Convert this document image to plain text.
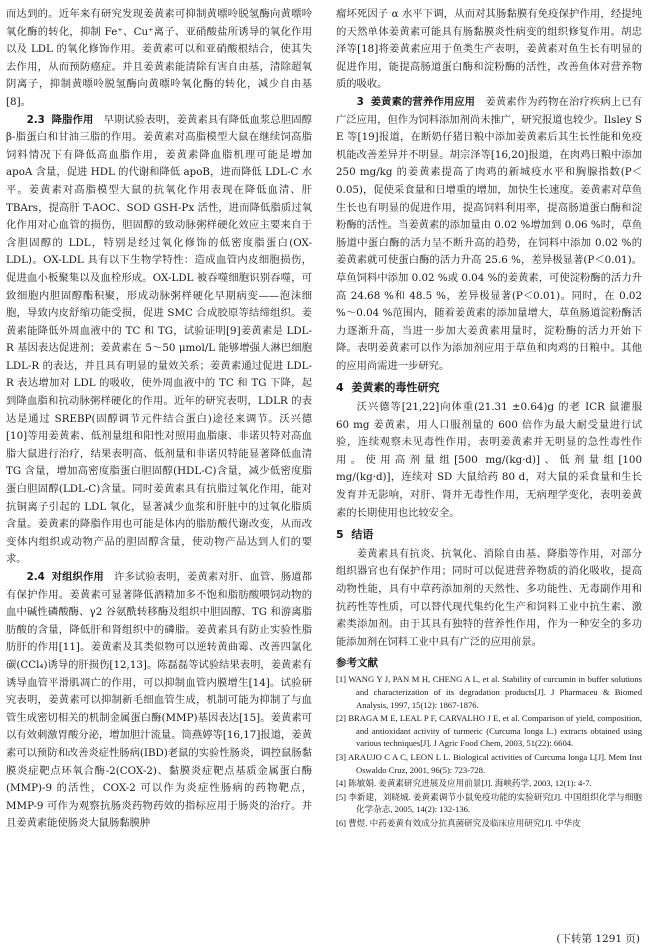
而达到的。近年来有研究发现姜黄素可抑制黄嘌呤脱氢酶向黄嘌呤氧化酶的转化，抑制 Fe⁺、Cu⁺离子、亚硝酸盐所诱导的氧化作用以及 LDL 的氧化修饰作用。姜黄素可以和亚硝酸根结合，使其失去作用，从而预防癌症。并且姜黄素能清除有害自由基，清除超氧阴离子，抑制黄嘌呤脱氢酶向黄嘌呤氧化酶的转化，减少自由基[8]。

2.3 降脂作用 早期试验表明，姜黄素具有降低血浆总胆固醇 β-脂蛋白和甘油三脂的作用。姜黄素对高脂模型大鼠在继续饲高脂饲料情况下有降低高血脂作用，姜黄素降血脂机理可能是增加 apoA 含量，促进 HDL 的代谢和降低 apoB，进而降低 LDL-C 水平。姜黄素对高脂模型大鼠的抗氧化作用表现在降低血清、肝 TBArs，提高肝 T-AOC、SOD GSH-Px 活性，进而降低脂质过氧化作用对心血管的损伤，胆固醇的致动脉粥样硬化效应主要来自于含胆固醇的 LDL，特别是经过氧化修饰的低密度脂蛋白(OX-LDL)。OX-LDL 具有以下生物学特性：造成血管内皮细胞损伤，促进血小板聚集以及血栓形成。OX-LDL 被吞噬细胞识别吞噬，可致细胞内胆固醇酯积聚，形成动脉粥样硬化早期病变——泡沫细胞，导致内皮舒缩功能受损，促进 SMC 合成胶原等结缔组织。姜黄素能降低外周血液中的 TC 和 TG，试验证明[9]姜黄素是 LDL-R 基因表达促进剂；姜黄素在 5～50 μmol/L 能够增强人淋巴细胞 LDL-R 的表达，并且具有明显的量效关系；姜黄素通过促进 LDL-R 表达增加对 LDL 的吸收，使外周血液中的 TC 和 TG 下降，起到降血脂和抗动脉粥样硬化的作用。近年的研究表明，LDLR 的表达是通过 SREBP(固醇调节元件结合蛋白)途径来调节。沃兴德[10]等用姜黄素、低剂量组和阳性对照用血脂康、非诺贝特对高血脂大鼠进行治疗，结果表明高、低剂量和非诺贝特能显著降低血清 TG 含量，增加高密度脂蛋白胆固醇(HDL-C)含量，减少低密度脂蛋白胆固醇(LDL-C)含量。同时姜黄素具有抗脂过氧化作用，能对抗铜离子引起的 LDL 氧化，显著减少血浆和肝脏中的过氧化脂质含量。姜黄素的降脂作用也可能是体内的脂肪酸代谢改变，从而改变体内组织或动物产品的胆固醇含量，使动物产品达到人们的要求。

2.4 对组织作用 许多试验表明，姜黄素对肝、血管、肠道都有保护作用。姜黄素可显著降低酒精加多不饱和脂肪酸喂饲动物的血中碱性磷酸酶、γ2 谷氨酰转移酶及组织中胆固醇、TG 和游离脂肪酸的含量，降低肝和肾组织中的磷脂。姜黄素具有防止实验性脂肪肝的作用[11]。姜黄素及其类似物可以逆转黄曲霉、改善四氯化碳(CCl₄)诱导的肝损伤[12,13]。陈磊磊等试验结果表明，姜黄素有诱导血管平滑肌凋亡的作用，可以抑制血管内膜增生[14]。试验研究表明，姜黄素可以抑制新毛细血管生成，机制可能为抑制了与血管生成密切相关的机制金属蛋白酶(MMP)基因表达[15]。姜黄素可以有效刺激胃酸分泌，增加胆汁流量。筒燕婷等[16,17]报道，姜黄素可以预防和改善炎症性肠病(IBD)老鼠的实验性肠炎，调控鼠肠黏膜炎症靶点环氧合酶-2(COX-2)、黏膜炎症靶点基质金属蛋白酶(MMP)-9 的活性，COX-2 可以作为炎症性肠病的药物靶点，MMP-9 可作为观察抗肠炎药物药效的指标应用于肠炎的治疗。并且姜黄素能使肠炎大鼠肠黏膜肿

瘤坏死因子 α 水平下调，从而对其肠黏膜有免疫保护作用，经提纯的天然单体姜黄素可能具有肠黏膜炎性病变的组织修复作用。胡忠泽等[18]将姜黄素应用于鱼类生产表明，姜黄素对鱼生长有明显的促进作用，能提高肠道蛋白酶和淀粉酶的活性，改善鱼体对营养物质的吸收。

3 姜黄素的营养作用应用 姜黄素作为药物在治疗疾病上已有广泛应用，但作为饲料添加剂尚未推广，研究报道也较少。Ilsley S E 等[19]报道，在断奶仔猪日粮中添加姜黄素后其生长性能和免疫机能改善差异并不明显。胡宗泽等[16,20]报道，在肉鸡日粮中添加 250 mg/kg 的姜黄素提高了肉鸡的新城疫水平和胸腺指数(P＜0.05)，促使采食量和日增重的增加，加快生长速度。姜黄素对草鱼生长也有明显的促进作用，提高饲料利用率，提高肠道蛋白酶和淀粉酶的活性。当姜黄素的添加量由 0.02 %增加到 0.06 %时，草鱼肠道中蛋白酶的活力呈不断升高的趋势，在饲料中添加 0.02 %的姜黄素就可使蛋白酶的活力升高 25.6 %，差异极显著(P＜0.01)。草鱼饲料中添加 0.02 %或 0.04 %的姜黄素，可使淀粉酶的活力升高 24.68 %和 48.5 %，差异极显著(P＜0.01)。同时，在 0.02 %～0.04 %范围内，随着姜黄素的添加量增大，草鱼肠道淀粉酶活力逐渐升高，当进一步加大姜黄素用量时，淀粉酶的活力开始下降。表明姜黄素可以作为添加剂应用于草鱼和肉鸡的日粮中。其他的应用尚需进一步研究。

4 姜黄素的毒性研究

沃兴德等[21,22]向体重(21.31 ±0.64)g 的老 ICR 鼠灌服 60 mg 姜黄素，用人口服剂量的 600 倍作为最大耐受量进行试验，连续观察未见毒性作用，表明姜黄素并无明显的急性毒性作用。使用高剂量组[500 mg/(kg·d)]、低剂量组[100 mg/(kg·d)]，连续对 SD 大鼠给药 80 d，对大鼠的采食量和生长发育并无影响，对肝、肾并无毒性作用，无病理学变化，表明姜黄素的长期使用也比较安全。

5 结语

姜黄素具有抗炎、抗氧化、消除自由基、降脂等作用，对部分组织器官也有保护作用；同时可以促进营养物质的消化吸收，提高动物性能，具有中草药添加剂的天然性、多功能性、无毒副作用和抗药性等性质，可以替代现代集约化生产和饲料工业中抗生素、激素类添加剂。由于其具有独特的营养性作用，作为一种安全的多功能添加剂在饲料工业中具有广泛的应用前景。

参考文献
[1] WANG Y J, PAN M H, CHENG A L, et al. Stability of curcumin in buffer solutions and characterization of its degradation products[J]. J Pharmaceu & Biomed Analysis, 1997, 15(12): 1867-1876.
[2] BRAGA M E, LEAL P F, CARVALHO J E, et al. Comparison of yield, composition, and antioxidant activity of turmeric (Curcuma longa L.) extracts obtained using various techniques[J]. J Agric Food Chem, 2003, 51(22): 6604.
[3] ARAUJO C A C, LEON L L. Biological activities of Curcuma longa L[J]. Mem Inst Oswaldo Cruz, 2001, 96(5): 723-728.
[4] 陈敏娟. 姜黄素研究进展及应用前景[J]. 海峡药学, 2003, 12(1): 4-7.
[5] 李新建，刘晓城. 姜黄素调节小鼠免疫功能的实验研究[J]. 中国组织化学与细胞化学杂志, 2005, 14(2): 132-136.
[6] 曹煜. 中药姜黄有效成分抗真菌研究及临床应用研究[J]. 中华皮
(下转第 1291 页)
